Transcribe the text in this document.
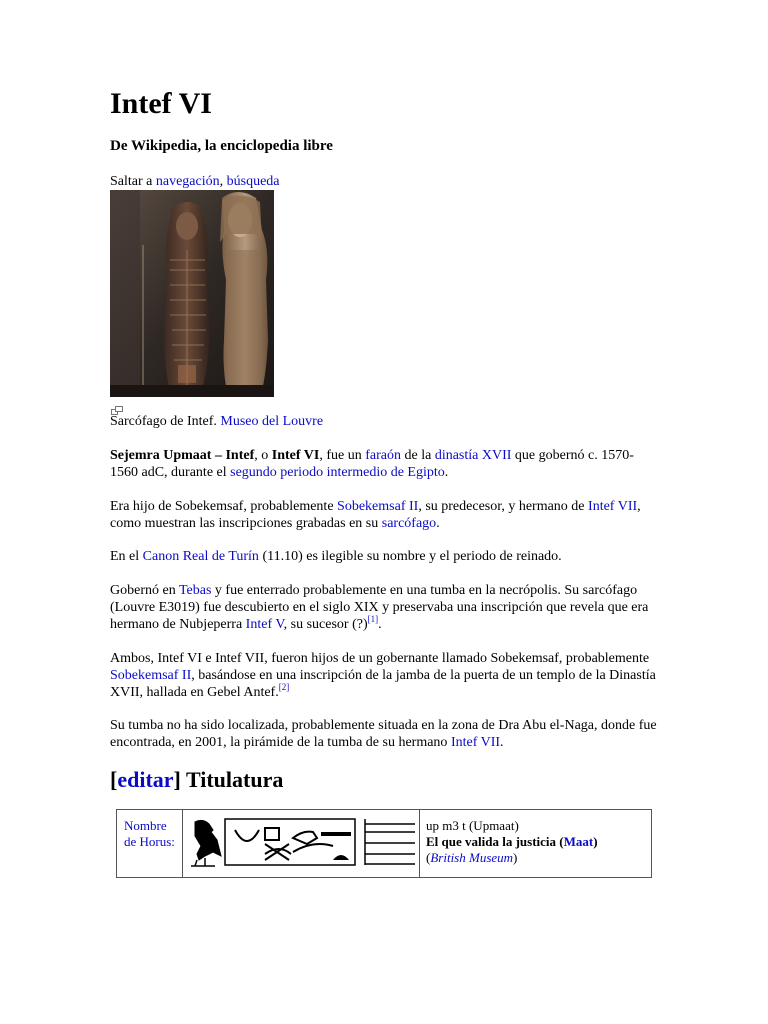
Intef VI

De Wikipedia, la enciclopedia libre

Saltar a navegación, búsqueda
Sarcófago de Intef. Museo del Louvre

Sejemra Upmaat – Intef, o Intef VI, fue un faraón de la dinastía XVII que gobernó c. 1570-1560 adC, durante el segundo periodo intermedio de Egipto.

Era hijo de Sobekemsaf, probablemente Sobekemsaf II, su predecesor, y hermano de Intef VII, como muestran las inscripciones grabadas en su sarcófago.

En el Canon Real de Turín (11.10) es ilegible su nombre y el periodo de reinado.

Gobernó en Tebas y fue enterrado probablemente en una tumba en la necrópolis. Su sarcófago (Louvre E3019) fue descubierto en el siglo XIX y preservaba una inscripción que revela que era hermano de Nubjeperra Intef V, su sucesor (?)[1].

Ambos, Intef VI e Intef VII, fueron hijos de un gobernante llamado Sobekemsaf, probablemente Sobekemsaf II, basándose en una inscripción de la jamba de la puerta de un templo de la Dinastía XVII, hallada en Gebel Antef.[2]

Su tumba no ha sido localizada, probablemente situada en la zona de Dra Abu el-Naga, donde fue encontrada, en 2001, la pirámide de la tumba de su hermano Intef VII.

[editar] Titulatura
Nombre de Horus:		
up m3 t (Upmaat)
El que valida la justicia (Maat)
(British Museum)
